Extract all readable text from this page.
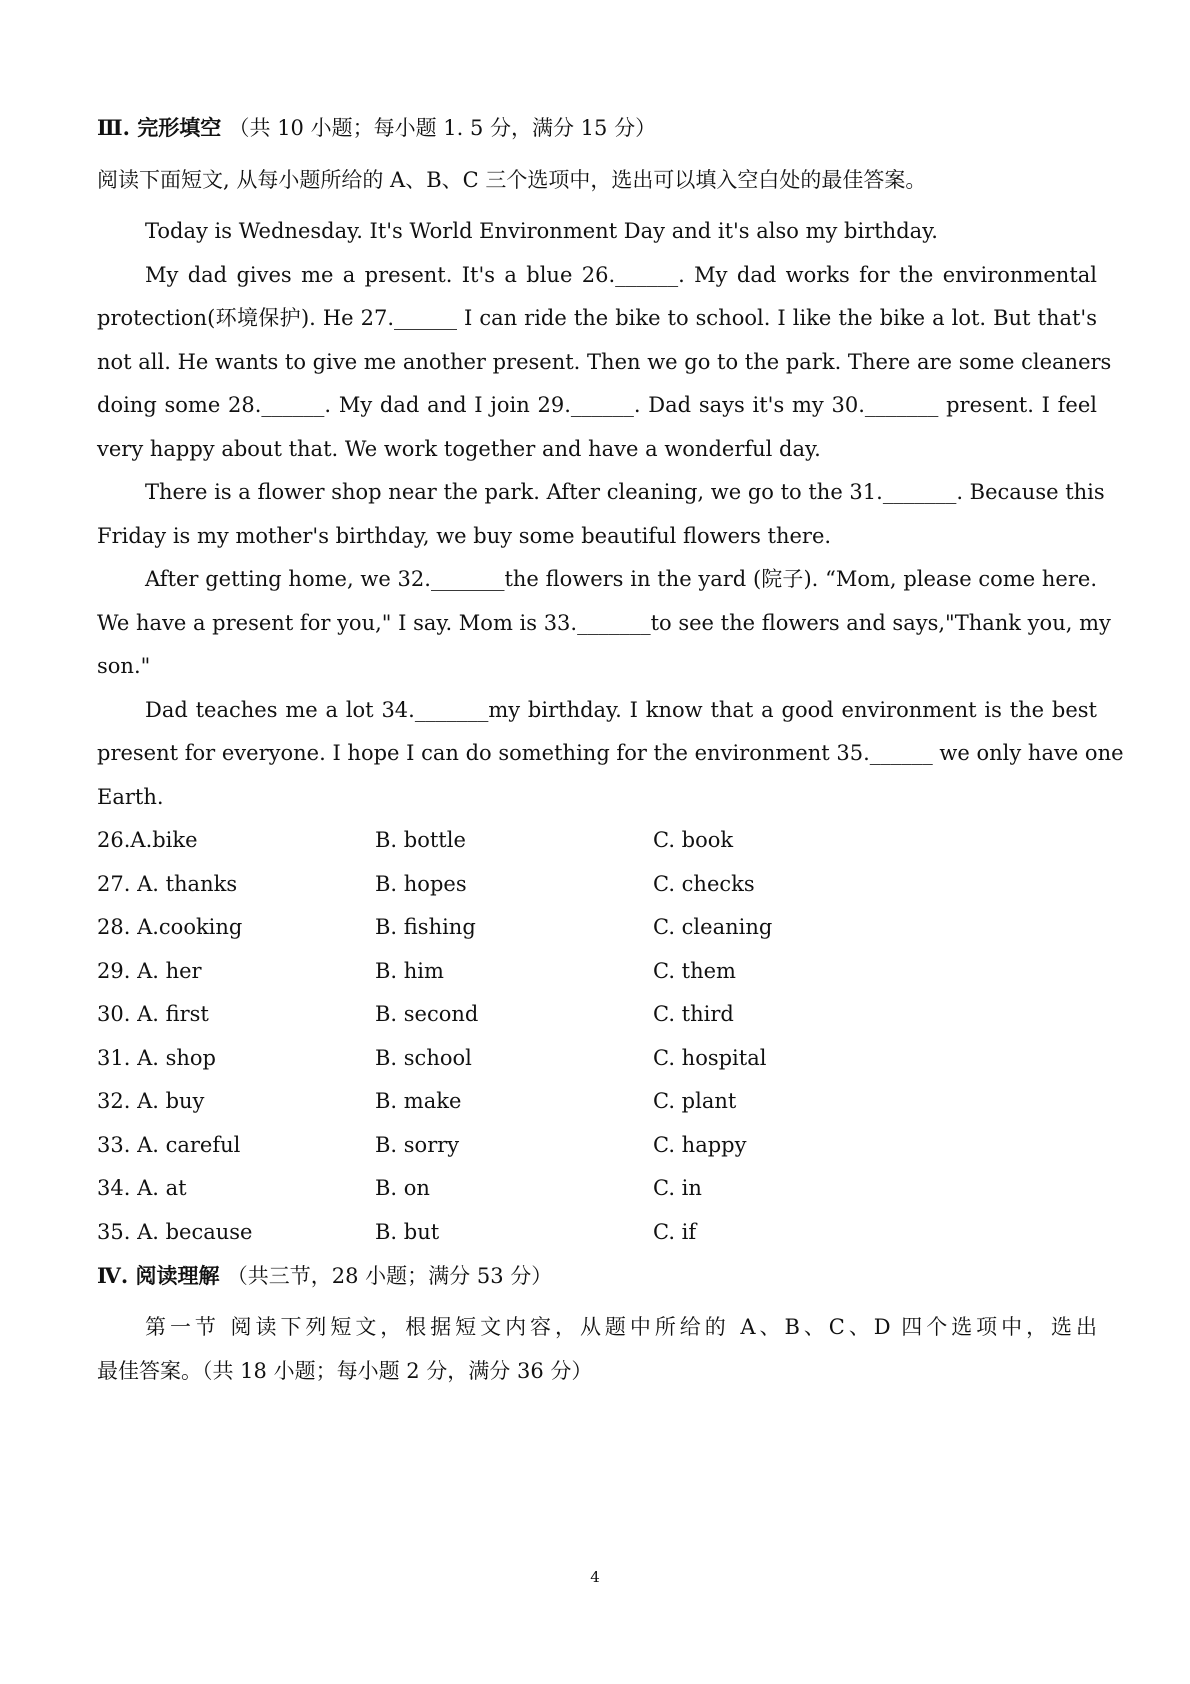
Ⅲ. 完形填空 （共 10 小题；每小题 1. 5 分，满分 15 分）
阅读下面短文, 从每小题所给的 A、B、C 三个选项中，选出可以填入空白处的最佳答案。
Today is Wednesday. It's World Environment Day and it's also my birthday.
My dad gives me a present. It's a blue 26.______. My dad works for the environmental
protection(环境保护). He 27.______ I can ride the bike to school. I like the bike a lot. But that's
not all. He wants to give me another present. Then we go to the park. There are some cleaners
doing some 28.______. My dad and I join 29.______. Dad says it's my 30._______ present. I feel
very happy about that. We work together and have a wonderful day.
There is a flower shop near the park. After cleaning, we go to the 31._______. Because this
Friday is my mother's birthday, we buy some beautiful flowers there.
After getting home, we 32._______the flowers in the yard (院子). “Mom, please come here.
We have a present for you," I say. Mom is 33._______to see the flowers and says,"Thank you, my
son."
Dad teaches me a lot 34._______my birthday. I know that a good environment is the best
present for everyone. I hope I can do something for the environment 35.______ we only have one
Earth.
26.A.bike	B. bottle	C. book
27. A. thanks	B. hopes	C. checks
28. A.cooking	B. fishing	C. cleaning
29. A. her	B. him	C. them
30. A. first	B. second	C. third
31. A. shop	B. school	C. hospital
32. A. buy	B. make	C. plant
33. A. careful	B. sorry	C. happy
34. A. at	B. on	C. in
35. A. because	B. but	C. if
Ⅳ. 阅读理解 （共三节，28 小题；满分 53 分）
第一节 阅读下列短文，根据短文内容，从题中所给的 A、B、C、D 四个选项中，选出
最佳答案。（共 18 小题；每小题 2 分，满分 36 分）
4
